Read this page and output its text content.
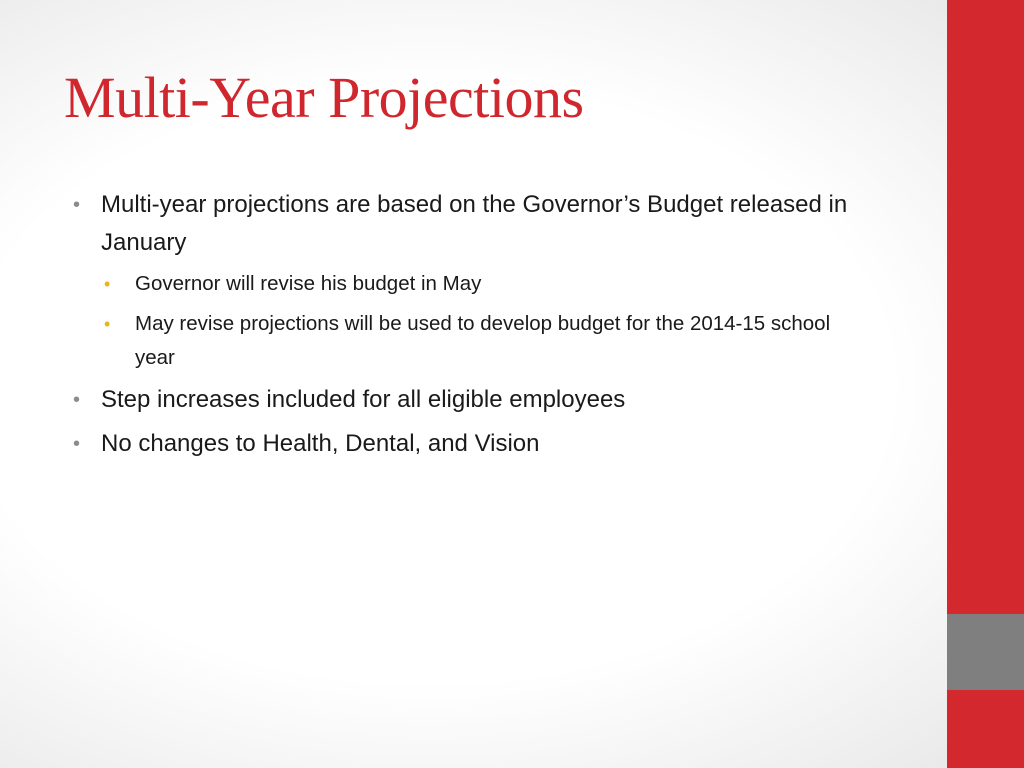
Multi-Year Projections
• Multi-year projections are based on the Governor’s Budget released in January
• Governor will revise his budget in May
• May revise projections will be used to develop budget for the 2014-15 school year
• Step increases included for all eligible employees
• No changes to Health, Dental, and Vision
